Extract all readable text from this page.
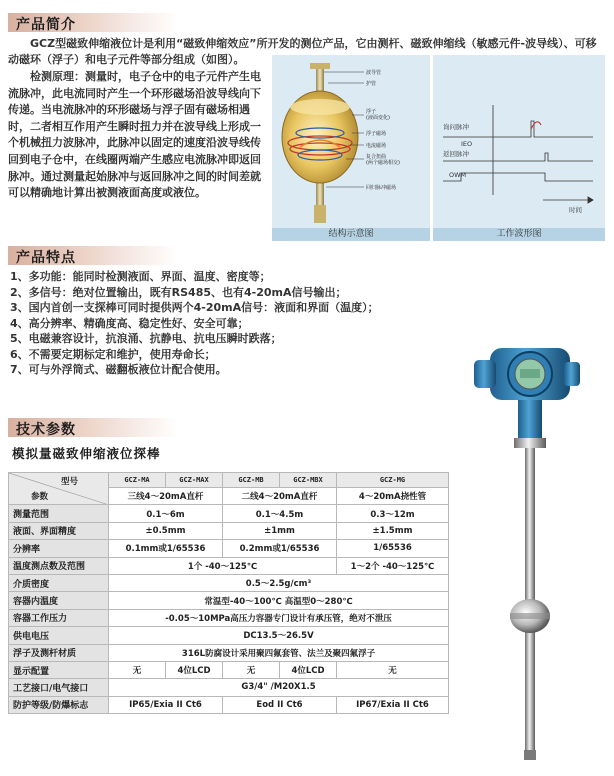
产品简介
GCZ型磁致伸缩液位计是利用“磁致伸缩效应”所开发的测位产品，它由测杆、磁致伸缩线（敏感元件-波导线）、可移动磁环（浮子）和电子元件等部分组成（如图）。
检测原理：测量时，电子仓中的电子元件产生电流脉冲，此电流同时产生一个环形磁场沿波导线向下传递。当电流脉冲的环形磁场与浮子固有磁场相遇时，二者相互作用产生瞬时扭力并在波导线上形成一个机械扭力波脉冲，此脉冲以固定的速度沿波导线传回到电子仓中，在线圈两端产生感应电流脉冲即返回脉冲。通过测量起始脉冲与返回脉冲之间的时间差就可以精确地计算出被测液面高度或液位。
波导管
护管
浮子
(液面变化)
浮子磁场
电流磁场
复合扭曲
(两个磁场相交)
回归脉冲磁场
结构示意图
询问脉冲
IEO
返回脉冲
OWM
时间
工作波形图
产品特点
1、多功能：能同时检测液面、界面、温度、密度等；
2、多信号：绝对位置输出，既有RS485、也有4-20mA信号输出；
3、国内首创一支探棒可同时提供两个4-20mA信号：液面和界面（温度）；
4、高分辨率、精确度高、稳定性好、安全可靠；
5、电磁兼容设计，抗浪涌、抗静电、抗电压瞬时跌落；
6、不需要定期标定和维护，使用寿命长；
7、可与外浮筒式、磁翻板液位计配合使用。
技术参数
模拟量磁致伸缩液位探棒
型号
参数	GCZ-MA	GCZ-MAX	GCZ-MB	GCZ-MBX	GCZ-MG
	三线4～20mA直杆		二线4～20mA直杆		4～20mA挠性管
测量范围	0.1～6m		0.1～4.5m		0.3～12m
液面、界面精度	±0.5mm		±1mm		±1.5mm
分辨率	0.1mm或1/65536		0.2mm或1/65536		1/65536
温度测点数及范围	1个 -40～125℃				1～2个 -40～125℃
介质密度	0.5～2.5g/cm³				
容器内温度	常温型-40～100℃ 高温型0～280℃				
容器工作压力	-0.05～10MPa高压力容器专门设计有承压管，绝对不泄压				
供电电压	DC13.5～26.5V				
浮子及测杆材质	316L防腐设计采用聚四氟套管、法兰及聚四氟浮子				
显示配置	无	4位LCD	无	4位LCD	无
工艺接口/电气接口	G3/4" /M20X1.5				
防护等级/防爆标志	IP65/Exia II Ct6		Eod II Ct6		IP67/Exia II Ct6
